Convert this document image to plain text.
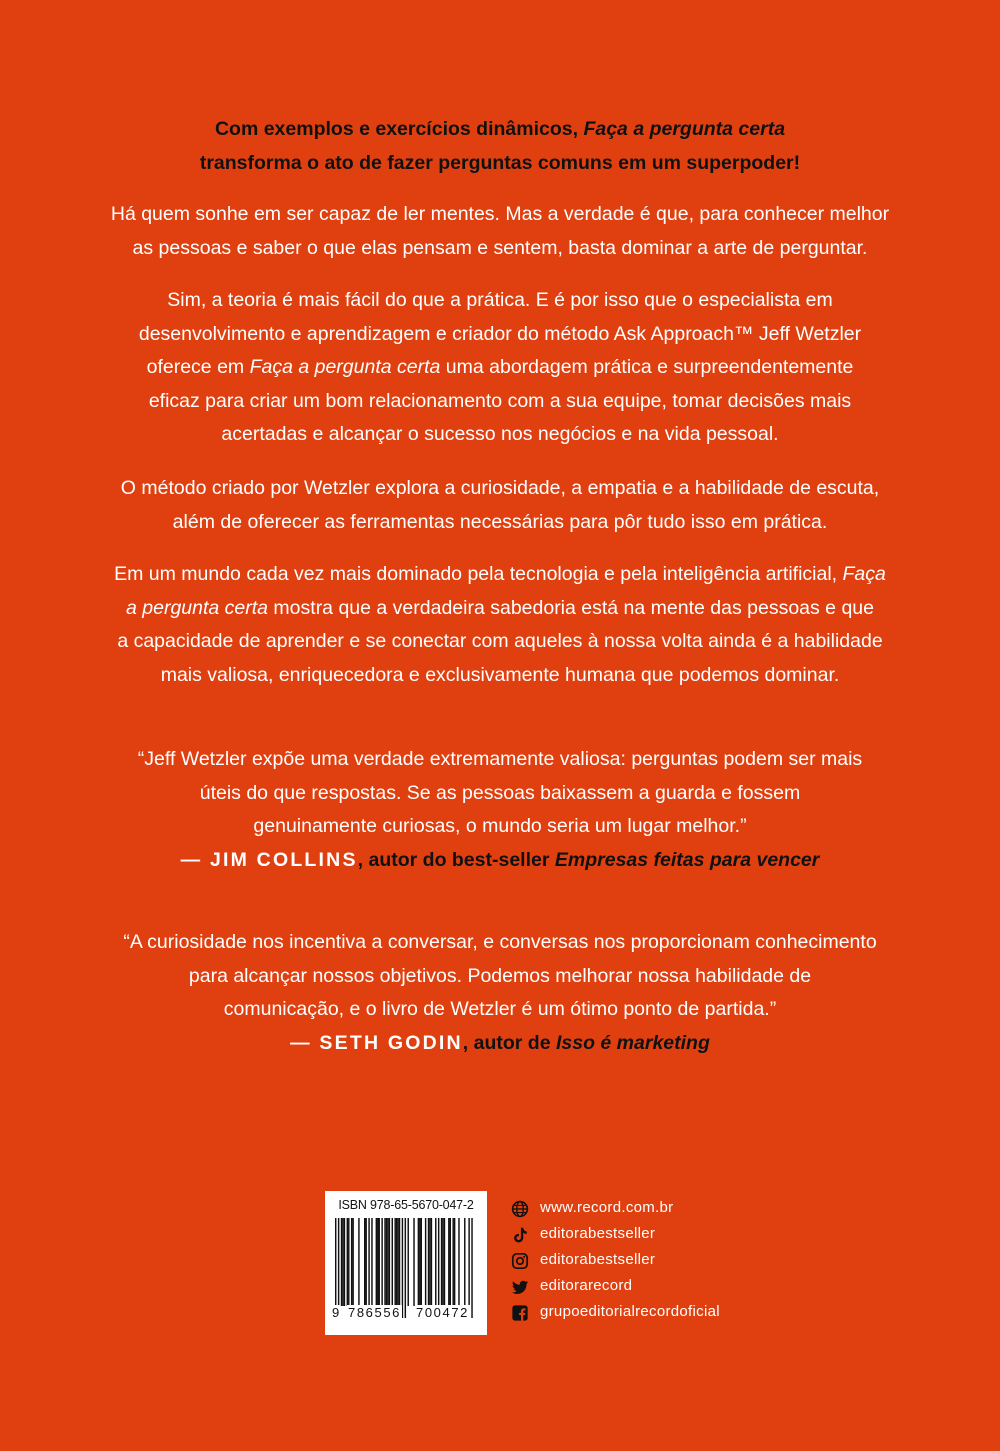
Com exemplos e exercícios dinâmicos, Faça a pergunta certa
transforma o ato de fazer perguntas comuns em um superpoder!
Há quem sonhe em ser capaz de ler mentes. Mas a verdade é que, para conhecer melhor
as pessoas e saber o que elas pensam e sentem, basta dominar a arte de perguntar.
Sim, a teoria é mais fácil do que a prática. E é por isso que o especialista em
desenvolvimento e aprendizagem e criador do método Ask Approach™ Jeff Wetzler
oferece em Faça a pergunta certa uma abordagem prática e surpreendentemente
eficaz para criar um bom relacionamento com a sua equipe, tomar decisões mais
acertadas e alcançar o sucesso nos negócios e na vida pessoal.
O método criado por Wetzler explora a curiosidade, a empatia e a habilidade de escuta,
além de oferecer as ferramentas necessárias para pôr tudo isso em prática.
Em um mundo cada vez mais dominado pela tecnologia e pela inteligência artificial, Faça
a pergunta certa mostra que a verdadeira sabedoria está na mente das pessoas e que
a capacidade de aprender e se conectar com aqueles à nossa volta ainda é a habilidade
mais valiosa, enriquecedora e exclusivamente humana que podemos dominar.
“Jeff Wetzler expõe uma verdade extremamente valiosa: perguntas podem ser mais
úteis do que respostas. Se as pessoas baixassem a guarda e fossem
genuinamente curiosas, o mundo seria um lugar melhor.”
— JIM COLLINS, autor do best-seller Empresas feitas para vencer
“A curiosidade nos incentiva a conversar, e conversas nos proporcionam conhecimento
para alcançar nossos objetivos. Podemos melhorar nossa habilidade de
comunicação, e o livro de Wetzler é um ótimo ponto de partida.”
— SETH GODIN, autor de Isso é marketing
ISBN 978-65-5670-047-2
9 786556 700472
www.record.com.br
editorabestseller
editorabestseller
editorarecord
grupoeditorialrecordoficial
